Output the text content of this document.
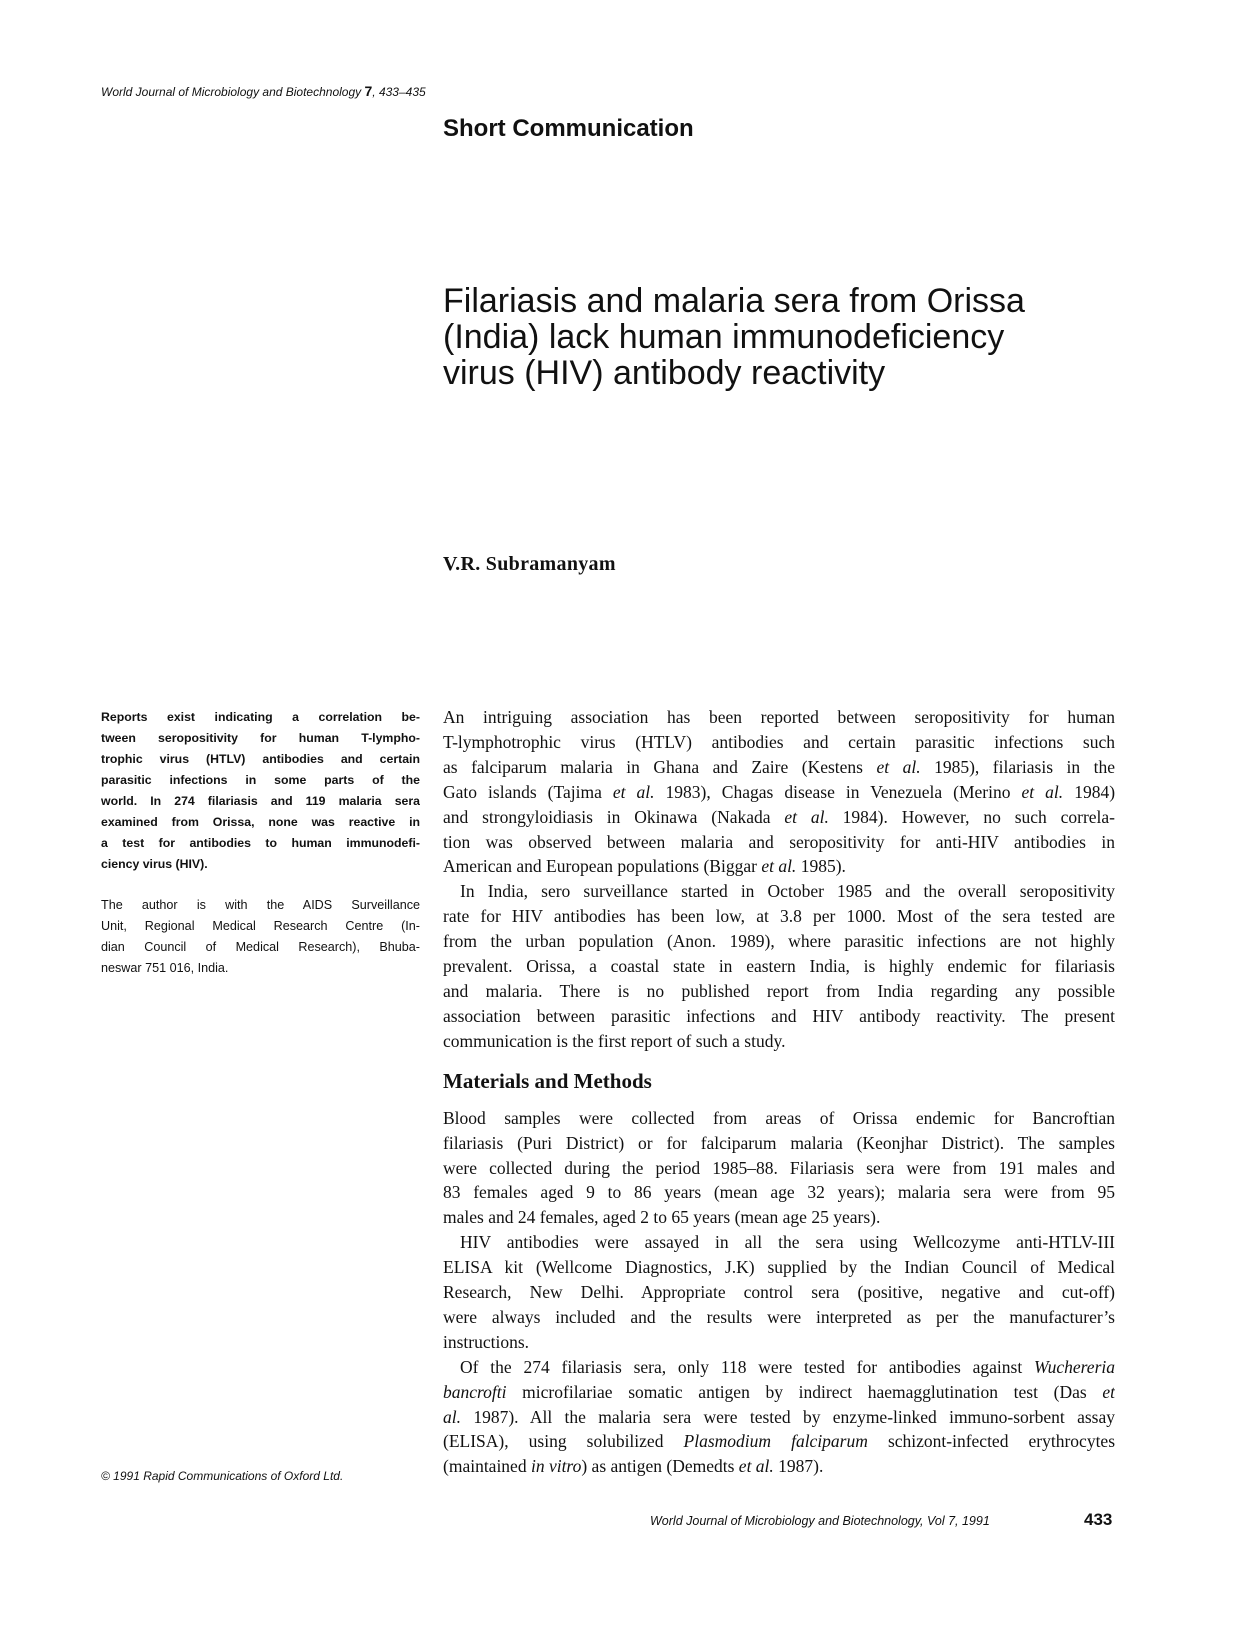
World Journal of Microbiology and Biotechnology 7, 433–435
Short Communication
Filariasis and malaria sera from Orissa
(India) lack human immunodeficiency
virus (HIV) antibody reactivity
V.R. Subramanyam
Reports exist indicating a correlation be-
tween seropositivity for human T-lympho-
trophic virus (HTLV) antibodies and certain
parasitic infections in some parts of the
world. In 274 filariasis and 119 malaria sera
examined from Orissa, none was reactive in
a test for antibodies to human immunodefi-
ciency virus (HIV).
The author is with the AIDS Surveillance
Unit, Regional Medical Research Centre (In-
dian Council of Medical Research), Bhuba-
neswar 751 016, India.
An intriguing association has been reported between seropositivity for human
T-lymphotrophic virus (HTLV) antibodies and certain parasitic infections such
as falciparum malaria in Ghana and Zaire (Kestens et al. 1985), filariasis in the
Gato islands (Tajima et al. 1983), Chagas disease in Venezuela (Merino et al. 1984)
and strongyloidiasis in Okinawa (Nakada et al. 1984). However, no such correla-
tion was observed between malaria and seropositivity for anti-HIV antibodies in
American and European populations (Biggar et al. 1985).
In India, sero surveillance started in October 1985 and the overall seropositivity
rate for HIV antibodies has been low, at 3.8 per 1000. Most of the sera tested are
from the urban population (Anon. 1989), where parasitic infections are not highly
prevalent. Orissa, a coastal state in eastern India, is highly endemic for filariasis
and malaria. There is no published report from India regarding any possible
association between parasitic infections and HIV antibody reactivity. The present
communication is the first report of such a study.
Materials and Methods
Blood samples were collected from areas of Orissa endemic for Bancroftian
filariasis (Puri District) or for falciparum malaria (Keonjhar District). The samples
were collected during the period 1985–88. Filariasis sera were from 191 males and
83 females aged 9 to 86 years (mean age 32 years); malaria sera were from 95
males and 24 females, aged 2 to 65 years (mean age 25 years).
HIV antibodies were assayed in all the sera using Wellcozyme anti-HTLV-III
ELISA kit (Wellcome Diagnostics, J.K) supplied by the Indian Council of Medical
Research, New Delhi. Appropriate control sera (positive, negative and cut-off)
were always included and the results were interpreted as per the manufacturer’s
instructions.
Of the 274 filariasis sera, only 118 were tested for antibodies against Wuchereria
bancrofti microfilariae somatic antigen by indirect haemagglutination test (Das et
al. 1987). All the malaria sera were tested by enzyme-linked immuno-sorbent assay
(ELISA), using solubilized Plasmodium falciparum schizont-infected erythrocytes
(maintained in vitro) as antigen (Demedts et al. 1987).
© 1991 Rapid Communications of Oxford Ltd.
World Journal of Microbiology and Biotechnology, Vol 7, 1991	433
